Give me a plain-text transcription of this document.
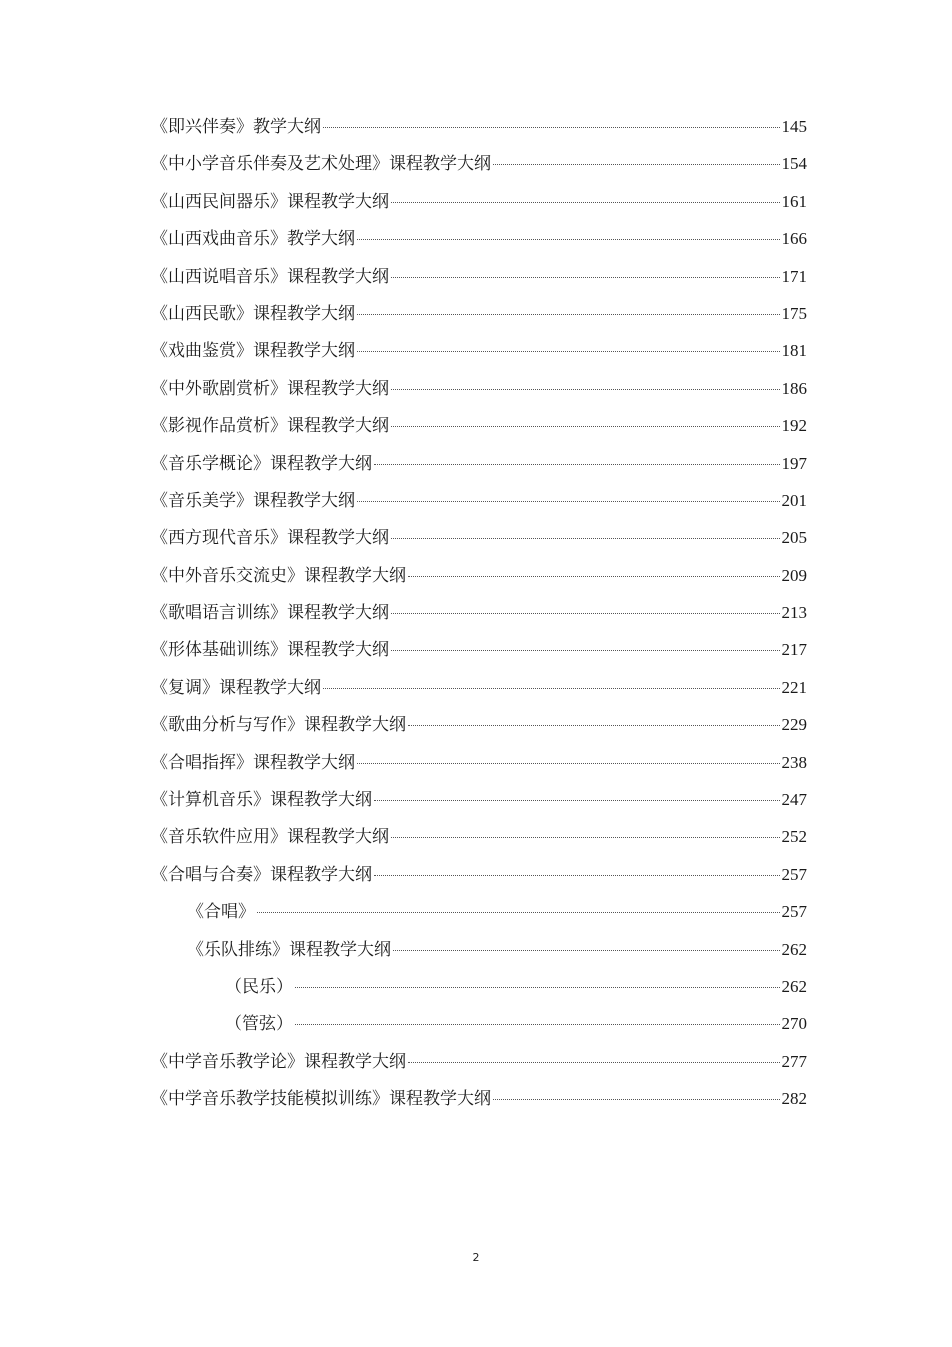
《即兴伴奏》教学大纲	145
《中小学音乐伴奏及艺术处理》课程教学大纲	154
《山西民间器乐》课程教学大纲	161
《山西戏曲音乐》教学大纲	166
《山西说唱音乐》课程教学大纲	171
《山西民歌》课程教学大纲	175
《戏曲鉴赏》课程教学大纲	181
《中外歌剧赏析》课程教学大纲	186
《影视作品赏析》课程教学大纲	192
《音乐学概论》课程教学大纲	197
《音乐美学》课程教学大纲	201
《西方现代音乐》课程教学大纲	205
《中外音乐交流史》课程教学大纲	209
《歌唱语言训练》课程教学大纲	213
《形体基础训练》课程教学大纲	217
《复调》课程教学大纲	221
《歌曲分析与写作》课程教学大纲	229
《合唱指挥》课程教学大纲	238
《计算机音乐》课程教学大纲	247
《音乐软件应用》课程教学大纲	252
《合唱与合奏》课程教学大纲	257
《合唱》	257
《乐队排练》课程教学大纲	262
（民乐）	262
（管弦）	270
《中学音乐教学论》课程教学大纲	277
《中学音乐教学技能模拟训练》课程教学大纲	282
2
